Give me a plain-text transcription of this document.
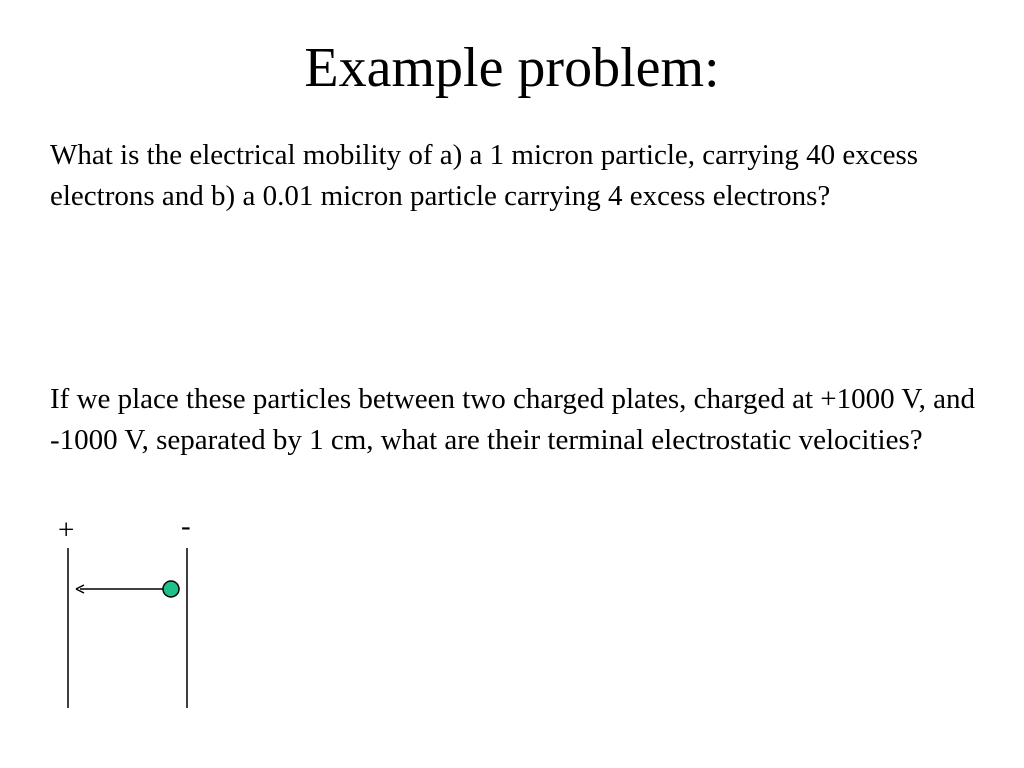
Example problem:

What is the electrical mobility of a) a 1 micron particle, carrying 40 excess electrons and b) a 0.01 micron particle carrying 4 excess electrons?

If we place these particles between two charged plates, charged at +1000 V, and -1000 V, separated by 1 cm, what are their terminal electrostatic velocities?

+	-
